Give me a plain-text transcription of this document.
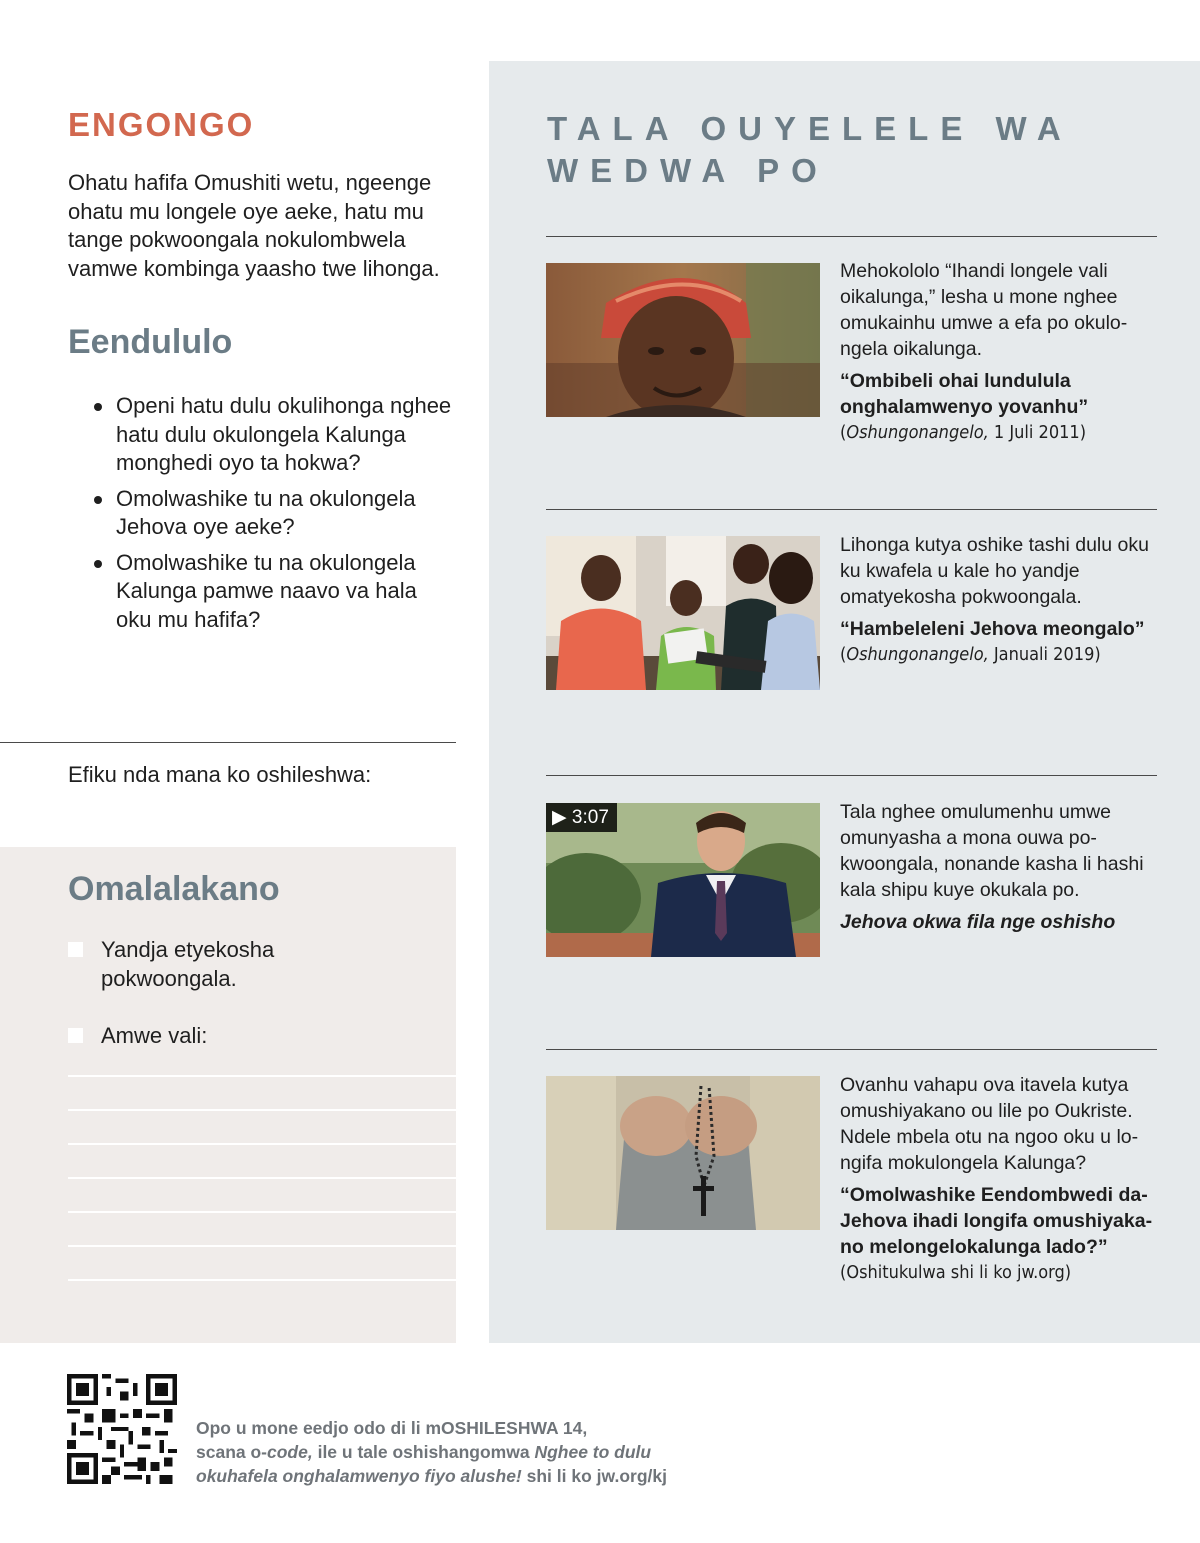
ENGONGO
Ohatu hafifa Omushiti wetu, ngeenge ohatu mu longele oye aeke, hatu mu tange pokwoongala nokulombwela vamwe kombinga yaasho twe lihonga.
Eendululo
Openi hatu dulu okulihonga nghee hatu dulu okulongela Kalunga monghedi oyo ta hokwa?
Omolwashike tu na okulongela Jehova oye aeke?
Omolwashike tu na okulongela Kalunga pamwe naavo va hala oku mu hafifa?
Efiku nda mana ko oshileshwa:
Omalalakano
Yandja etyekosha pokwoongala.
Amwe vali:
TALA OUYELELE WA WEDWA PO
Mehokololo “Ihandi longele vali oikalunga,” lesha u mone nghee omukainhu umwe a efa po okulo-ngela oikalunga.
“Ombibeli ohai lundulula onghalamwenyo yovanhu”
(Oshungonangelo, 1 Juli 2011)
Lihonga kutya oshike tashi dulu oku ku kwafela u kale ho yandje omatyekosha pokwoongala.
“Hambeleleni Jehova meongalo”
(Oshungonangelo, Januali 2019)
▶ 3:07	Tala nghee omulumenhu umwe omunyasha a mona ouwa po-kwoongala, nonande kasha li hashi kala shipu kuye okukala po.
Jehova okwa fila nge oshisho
Ovanhu vahapu ova itavela kutya omushiyakano ou lile po Oukriste. Ndele mbela otu na ngoo oku u lo-ngifa mokulongela Kalunga?
“Omolwashike Eendombwedi da-Jehova ihadi longifa omushiyaka-no melongelokalunga lado?”
(Oshitukulwa shi li ko jw.org)
Opo u mone eedjo odo di li mOSHILESHWA 14,
scana o-code, ile u tale oshishangomwa Nghee to dulu
okuhafela onghalamwenyo fiyo alushe! shi li ko jw.org/kj
